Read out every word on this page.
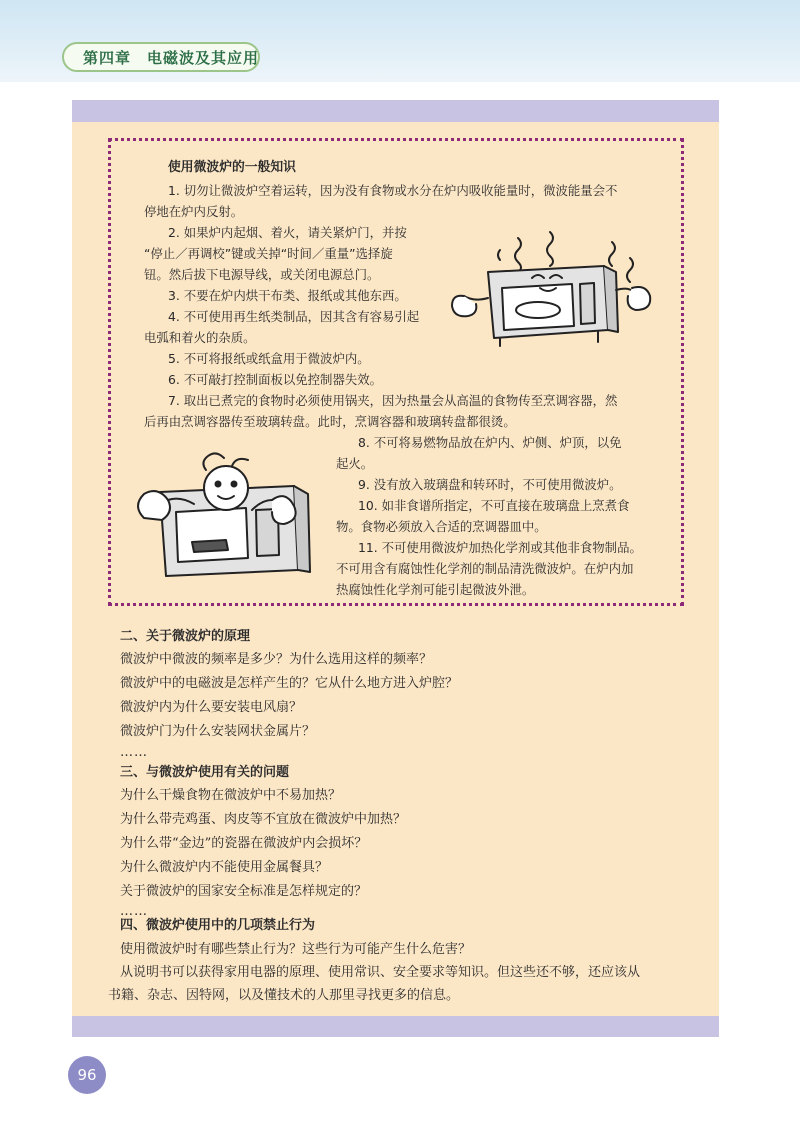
第四章　电磁波及其应用
使用微波炉的一般知识
1. 切勿让微波炉空着运转，因为没有食物或水分在炉内吸收能量时，微波能量会不
停地在炉内反射。
2. 如果炉内起烟、着火，请关紧炉门，并按
“停止／再调校”键或关掉“时间／重量”选择旋
钮。然后拔下电源导线，或关闭电源总门。
3. 不要在炉内烘干布类、报纸或其他东西。
4. 不可使用再生纸类制品，因其含有容易引起
电弧和着火的杂质。
5. 不可将报纸或纸盒用于微波炉内。
6. 不可敲打控制面板以免控制器失效。
7. 取出已煮完的食物时必须使用锅夹，因为热量会从高温的食物传至烹调容器，然
后再由烹调容器传至玻璃转盘。此时，烹调容器和玻璃转盘都很烫。
8. 不可将易燃物品放在炉内、炉侧、炉顶，以免
起火。
9. 没有放入玻璃盘和转环时，不可使用微波炉。
10. 如非食谱所指定，不可直接在玻璃盘上烹煮食
物。食物必须放入合适的烹调器皿中。
11. 不可使用微波炉加热化学剂或其他非食物制品。
不可用含有腐蚀性化学剂的制品清洗微波炉。在炉内加
热腐蚀性化学剂可能引起微波外泄。
二、关于微波炉的原理
微波炉中微波的频率是多少？为什么选用这样的频率？
微波炉中的电磁波是怎样产生的？它从什么地方进入炉腔？
微波炉内为什么要安装电风扇？
微波炉门为什么安装网状金属片？
……
三、与微波炉使用有关的问题
为什么干燥食物在微波炉中不易加热？
为什么带壳鸡蛋、肉皮等不宜放在微波炉中加热？
为什么带“金边”的瓷器在微波炉内会损坏？
为什么微波炉内不能使用金属餐具？
关于微波炉的国家安全标准是怎样规定的？
……
四、微波炉使用中的几项禁止行为
使用微波炉时有哪些禁止行为？这些行为可能产生什么危害？
从说明书可以获得家用电器的原理、使用常识、安全要求等知识。但这些还不够，还应该从
书籍、杂志、因特网，以及懂技术的人那里寻找更多的信息。
96
